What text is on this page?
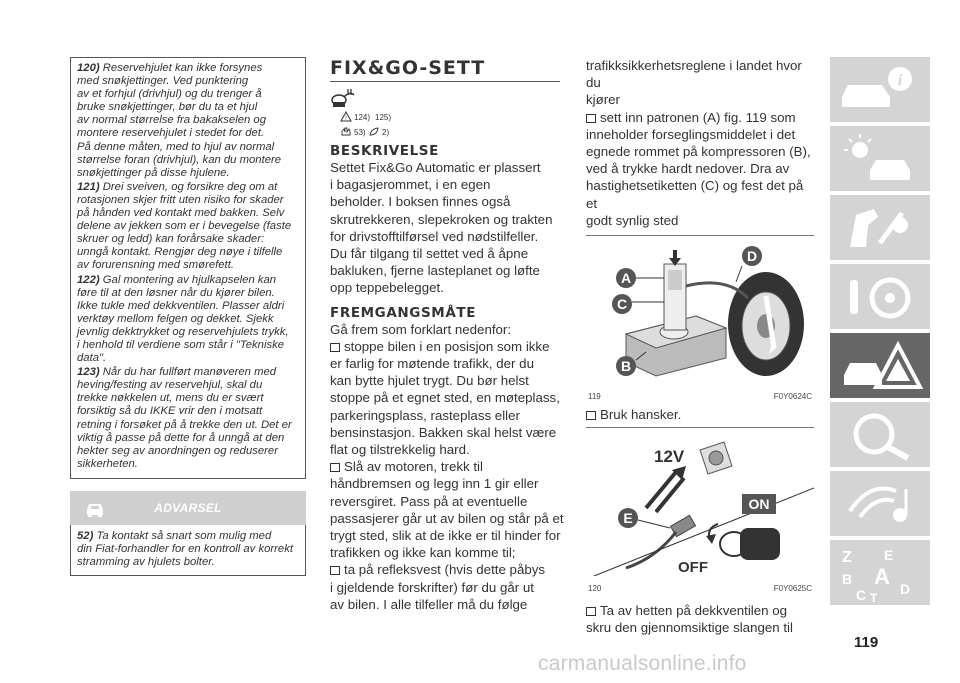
120) Reservehjulet kan ikke forsynes
med snøkjettinger. Ved punktering
av et forhjul (drivhjul) og du trenger å
bruke snøkjettinger, bør du ta et hjul
av normal størrelse fra bakakselen og
montere reservehjulet i stedet for det.
På denne måten, med to hjul av normal
størrelse foran (drivhjul), kan du montere
snøkjettinger på disse hjulene.
121) Drei sveiven, og forsikre deg om at
rotasjonen skjer fritt uten risiko for skader
på hånden ved kontakt med bakken. Selv
delene av jekken som er i bevegelse (faste
skruer og ledd) kan forårsake skader:
unngå kontakt. Rengjør deg nøye i tilfelle
av forurensning med smørefett.
122) Gal montering av hjulkapselen kan
føre til at den løsner når du kjører bilen.
Ikke tukle med dekkventilen. Plasser aldri
verktøy mellom felgen og dekket. Sjekk
jevnlig dekktrykket og reservehjulets trykk,
i henhold til verdiene som står i "Tekniske
data".
123) Når du har fullført manøveren med
heving/festing av reservehjul, skal du
trekke nøkkelen ut, mens du er svært
forsiktig så du IKKE vrir den i motsatt
retning i forsøket på å trekke den ut. Det er
viktig å passe på dette for å unngå at den
hekter seg av anordningen og reduserer
sikkerheten.
ADVARSEL
52) Ta kontakt så snart som mulig med
din Fiat-forhandler for en kontroll av korrekt
stramming av hjulets bolter.
FIX&GO-SETT
! 124) 125)
53) 2)
BESKRIVELSE
Settet Fix&Go Automatic er plassert
i bagasjerommet, i en egen
beholder. I boksen finnes også
skrutrekkeren, slepekroken og trakten
for drivstofftilførsel ved nødstilfeller.
Du får tilgang til settet ved å åpne
bakluken, fjerne lasteplanet og løfte
opp teppebelegget.
FREMGANGSMÅTE
Gå frem som forklart nedenfor:
stoppe bilen i en posisjon som ikke
er farlig for møtende trafikk, der du
kan bytte hjulet trygt. Du bør helst
stoppe på et egnet sted, en møteplass,
parkeringsplass, rasteplass eller
bensinstasjon. Bakken skal helst være
flat og tilstrekkelig hard.
Slå av motoren, trekk til
håndbremsen og legg inn 1 gir eller
reversgiret. Pass på at eventuelle
passasjerer går ut av bilen og står på et
trygt sted, slik at de ikke er til hinder for
trafikken og ikke kan komme til;
ta på refleksvest (hvis dette påbys
i gjeldende forskrifter) før du går ut
av bilen. I alle tilfeller må du følge
trafikksikkerhetsreglene i landet hvor du
kjører
sett inn patronen (A) fig. 119 som
inneholder forseglingsmiddelet i det
egnede rommet på kompressoren (B),
ved å trykke hardt nedover. Dra av
hastighetsetiketten (C) og fest det på et
godt synlig sted
A
C
B
D
119	F0Y0624C
Bruk hansker.
12V
E
ON
OFF
120	F0Y0625C
Ta av hetten på dekkventilen og
skru den gjennomsiktige slangen til
i
Z E
B A
C T
D
119
carmanualsonline.info
